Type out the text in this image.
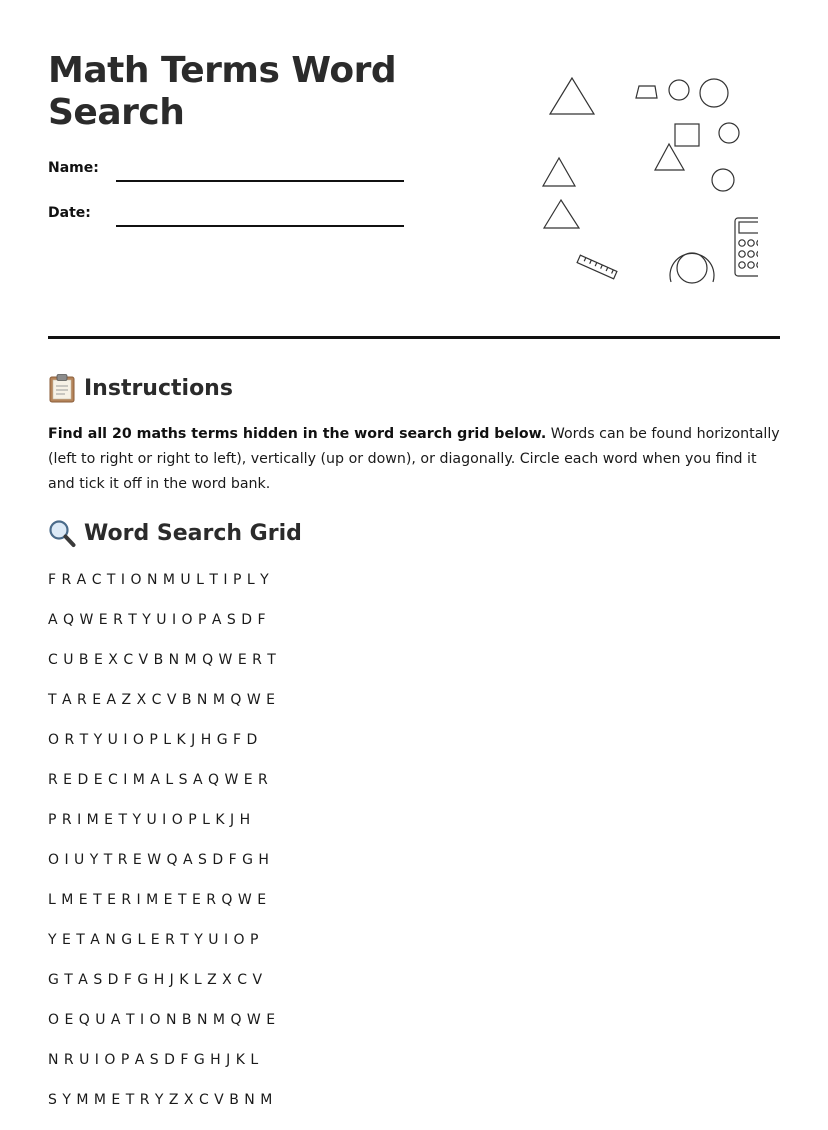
Math Terms Word Search
Name:
Date:
Instructions

Find all 20 maths terms hidden in the word search grid below. Words can be found horizontally (left to right or right to left), vertically (up or down), or diagonally. Circle each word when you find it and tick it off in the word bank.

Word Search Grid
F R A C T I O N M U L T I P L Y
A Q W E R T Y U I O P A S D F
C U B E X C V B N M Q W E R T
T A R E A Z X C V B N M Q W E
O R T Y U I O P L K J H G F D
R E D E C I M A L S A Q W E R
P R I M E T Y U I O P L K J H
O I U Y T R E W Q A S D F G H
L M E T E R I M E T E R Q W E
Y E T A N G L E R T Y U I O P
G T A S D F G H J K L Z X C V
O E Q U A T I O N B N M Q W E
N R U I O P A S D F G H J K L
S Y M M E T R Y Z X C V B N M
